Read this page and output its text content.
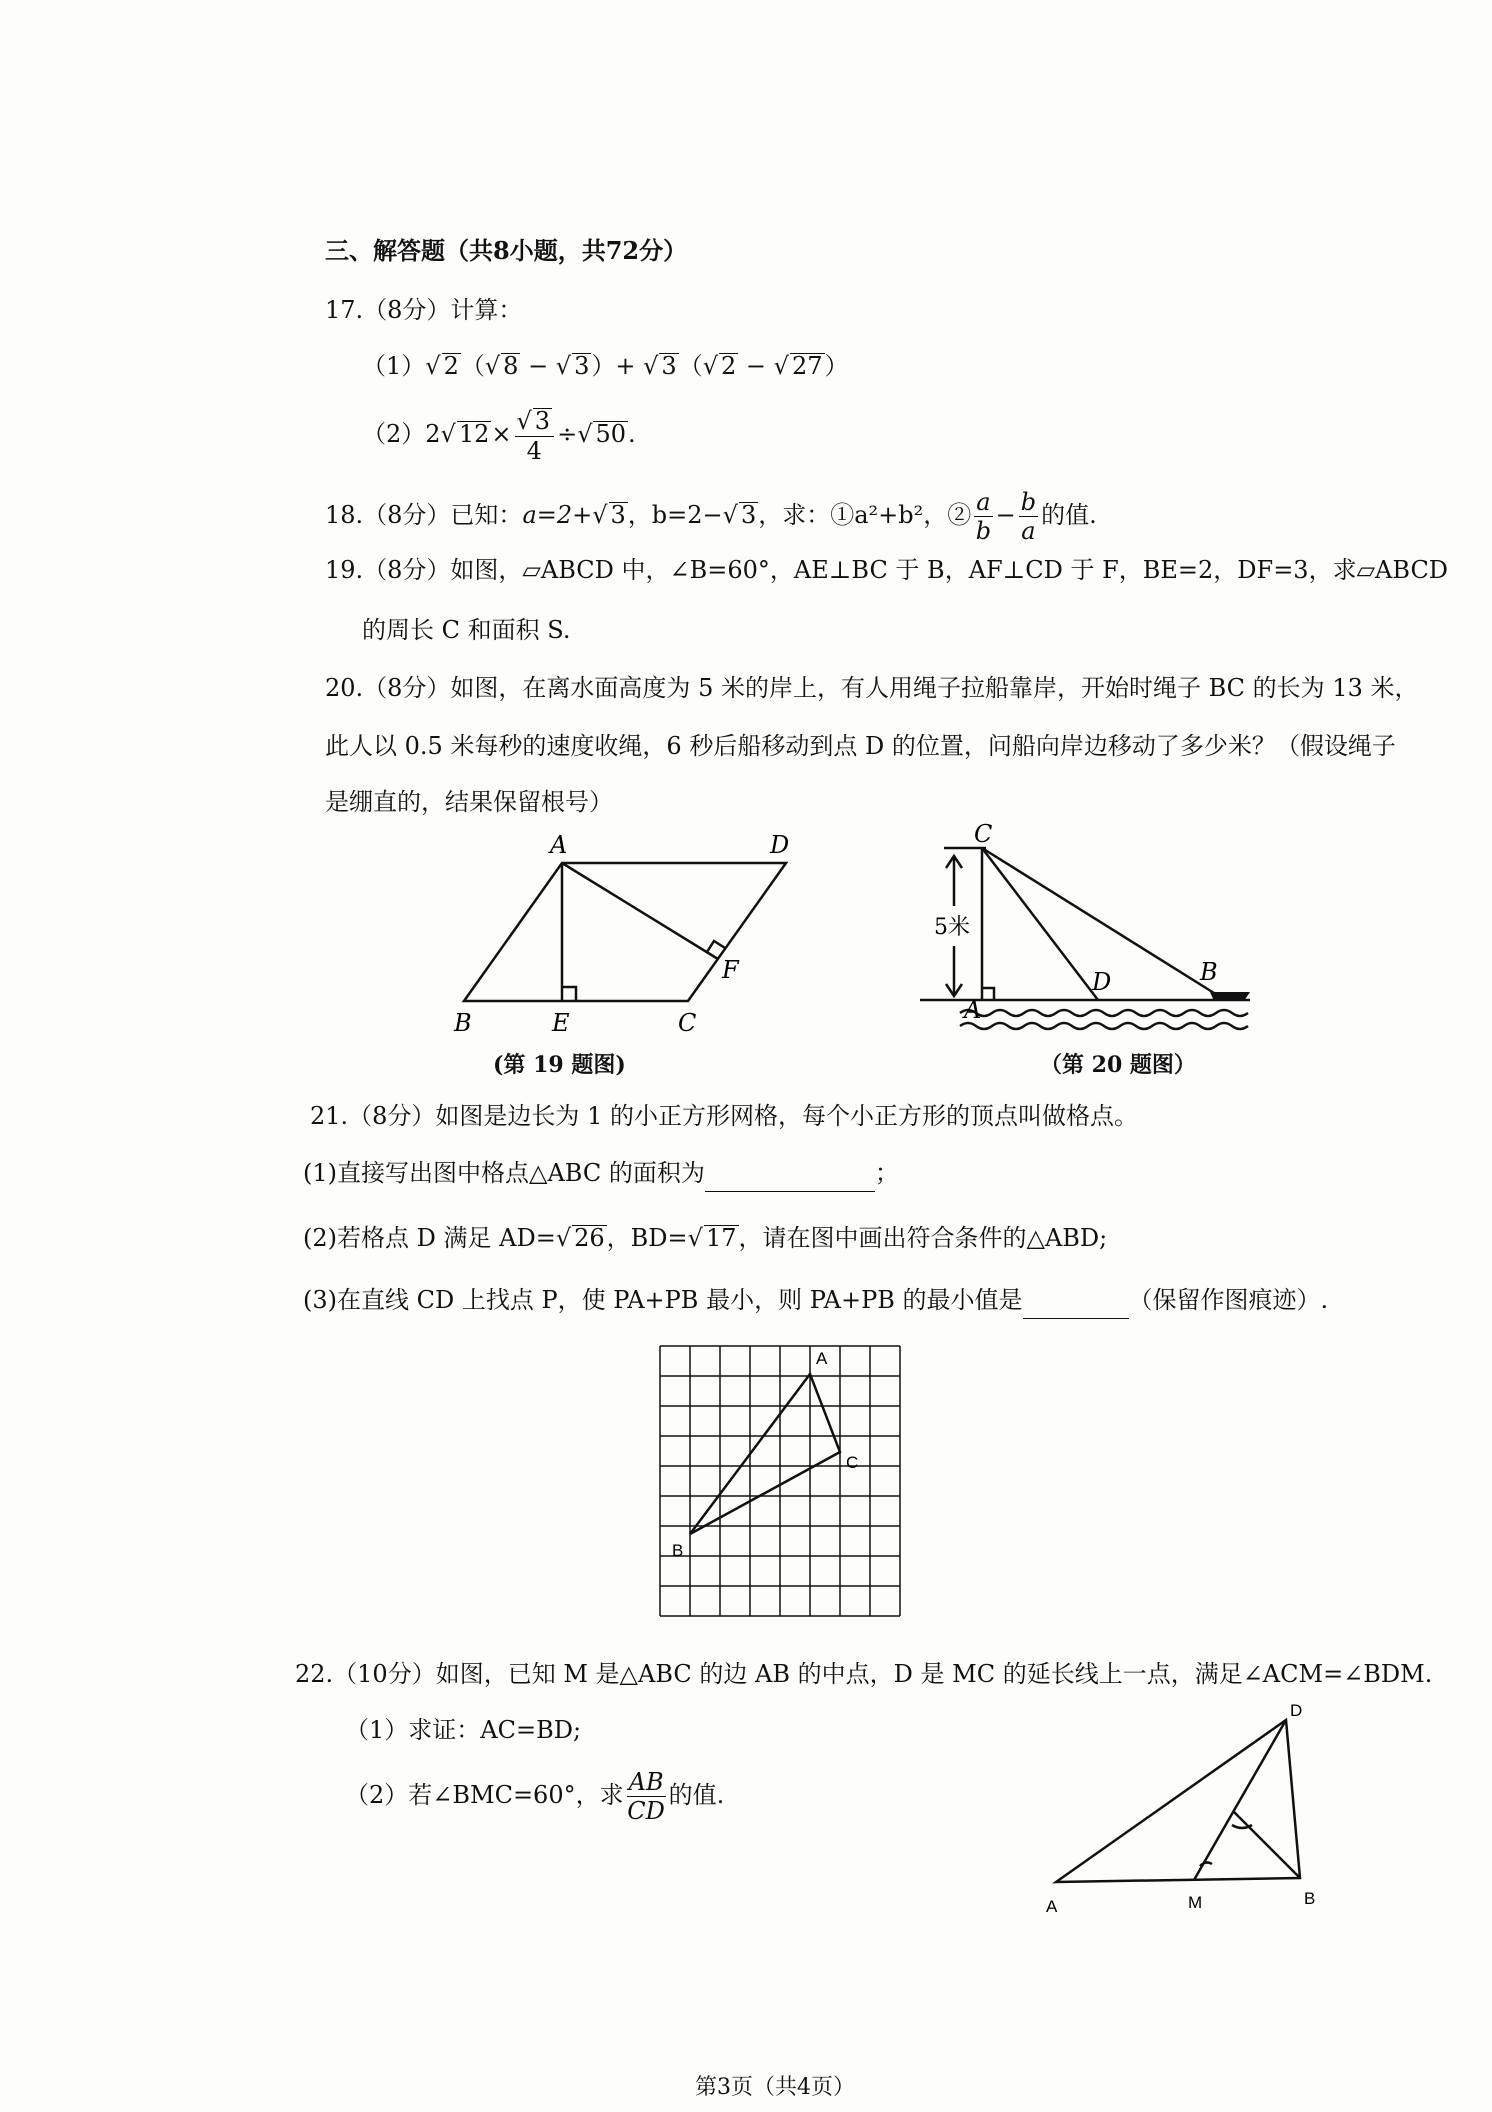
三、解答题（共8小题，共72分）
17.（8分）计算：
（1）√ 2（√ 8 − √ 3）+ √ 3（√ 2 − √ 27）
（2）2√ $12\times \frac{√ 3}{4}$ ÷√ 50.
18.（8分）已知：a=2+√ 3，b=2−√ 3，求：①a²+b²，② $\frac{a}{b} - \frac{b}{a}$ 的值.
19.（8分）如图，▱ABCD 中，∠B=60°，AE⊥BC 于 B，AF⊥CD 于 F，BE=2，DF=3，求▱ABCD
的周长 C 和面积 S.
20.（8分）如图，在离水面高度为 5 米的岸上，有人用绳子拉船靠岸，开始时绳子 BC 的长为 13 米，
此人以 0.5 米每秒的速度收绳，6 秒后船移动到点 D 的位置，问船向岸边移动了多少米？（假设绳子
是绷直的，结果保留根号）
A	D
B	E	C
F
(第 19 题图)
C
B
D
A
5米
（第 20 题图）
21.（8分）如图是边长为 1 的小正方形网格，每个小正方形的顶点叫做格点。
(1)直接写出图中格点△ABC 的面积为	；
(2)若格点 D 满足 AD=√ 26，BD=√ 17，请在图中画出符合条件的△ABD;
(3)在直线 CD 上找点 P，使 PA+PB 最小，则 PA+PB 的最小值是	（保留作图痕迹）.
A
C
B
22.（10分）如图，已知 M 是△ABC 的边 AB 的中点，D 是 MC 的延长线上一点，满足∠ACM=∠BDM.
（1）求证：AC=BD;
（2）若∠BMC=60°，求 $\frac{AB}{CD}$ 的值.
A	M	B
D
第3页（共4页）
